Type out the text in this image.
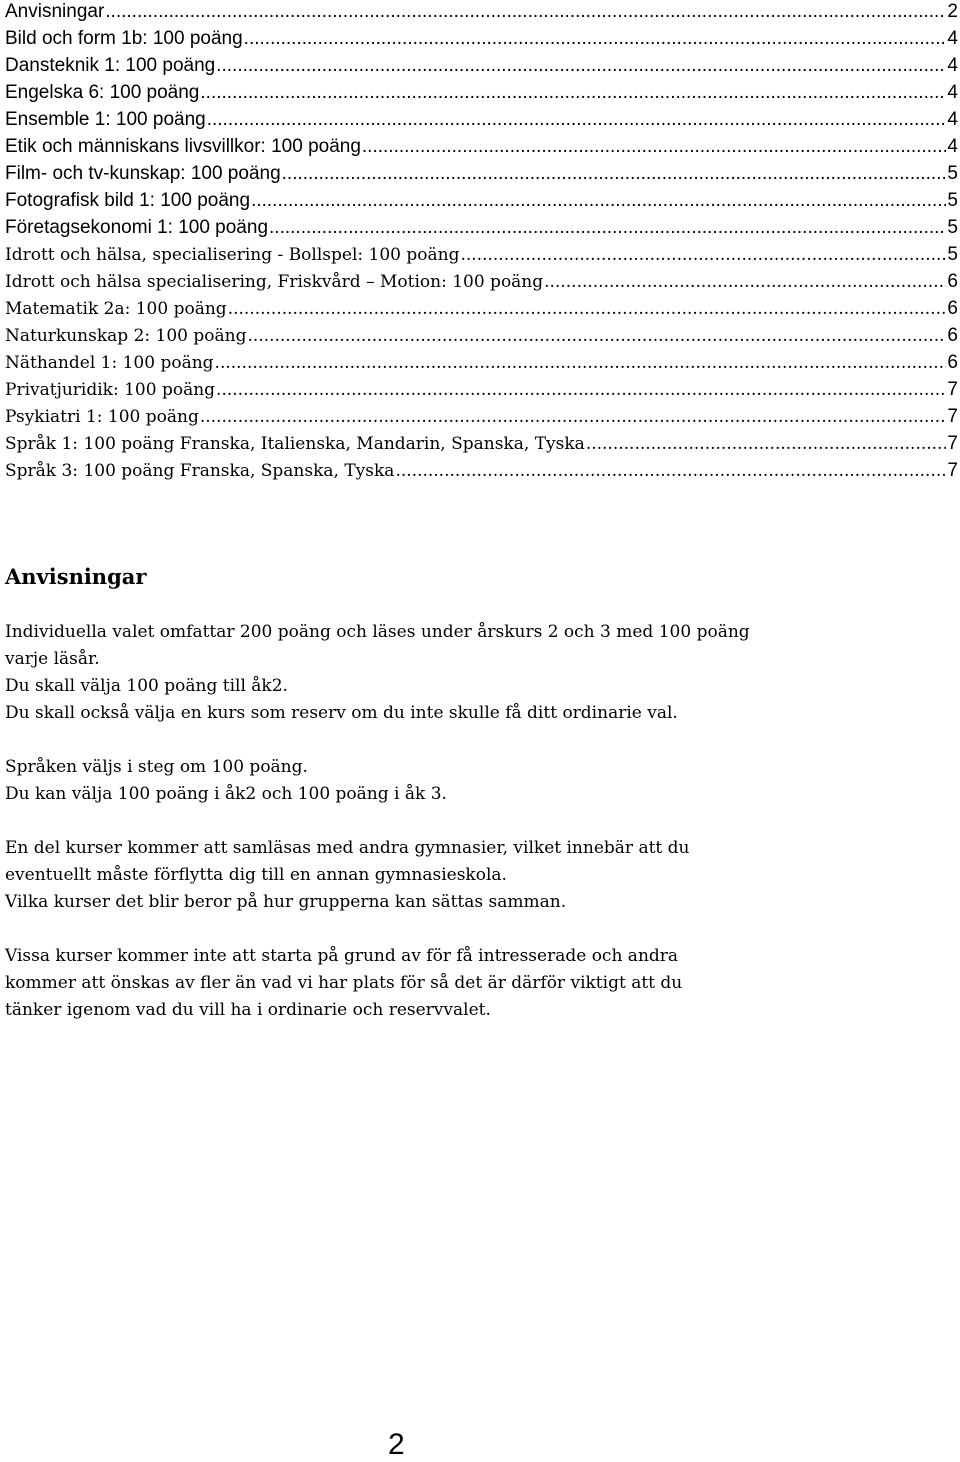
Anvisningar .....	2
Bild och form 1b: 100 poäng .....	4
Dansteknik 1: 100 poäng .....	4
Engelska 6: 100 poäng .....	4
Ensemble 1: 100 poäng .....	4
Etik och människans livsvillkor: 100 poäng .....	4
Film- och tv-kunskap: 100 poäng .....	5
Fotografisk bild 1: 100 poäng .....	5
Företagsekonomi 1: 100 poäng .....	5
Idrott och hälsa, specialisering - Bollspel: 100 poäng .....	5
Idrott och hälsa specialisering, Friskvård – Motion: 100 poäng .....	6
Matematik 2a: 100 poäng .....	6
Naturkunskap 2: 100 poäng .....	6
Näthandel 1: 100 poäng .....	6
Privatjuridik: 100 poäng .....	7
Psykiatri 1: 100 poäng .....	7
Språk 1: 100 poäng Franska, Italienska, Mandarin, Spanska, Tyska .....	7
Språk 3: 100 poäng Franska, Spanska, Tyska .....	7
Anvisningar
Individuella valet omfattar 200 poäng och läses under årskurs 2 och 3 med 100 poäng
varje läsår.
Du skall välja 100 poäng till åk2.
Du skall också välja en kurs som reserv om du inte skulle få ditt ordinarie val.
Språken väljs i steg om 100 poäng.
Du kan välja 100 poäng i åk2 och 100 poäng i åk 3.
En del kurser kommer att samläsas med andra gymnasier, vilket innebär att du
eventuellt måste förflytta dig till en annan gymnasieskola.
Vilka kurser det blir beror på hur grupperna kan sättas samman.
Vissa kurser kommer inte att starta på grund av för få intresserade och andra
kommer att önskas av fler än vad vi har plats för så det är därför viktigt att du
tänker igenom vad du vill ha i ordinarie och reservvalet.
2
